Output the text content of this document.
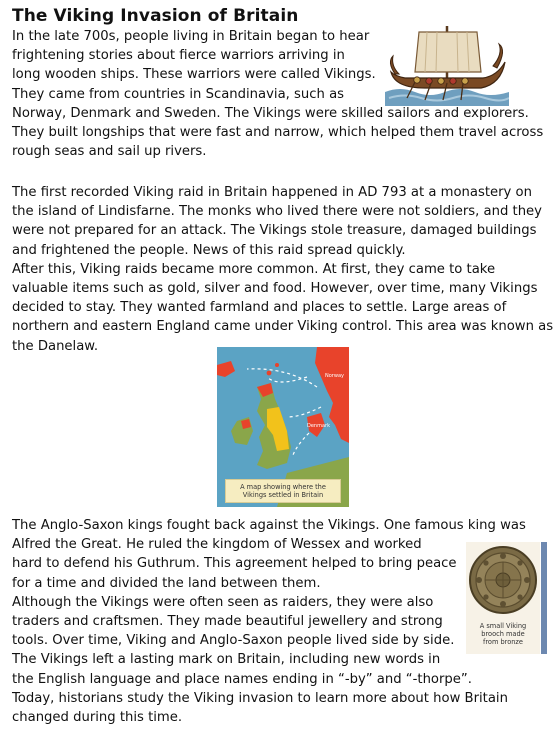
The Viking Invasion of Britain
In the late 700s, people living in Britain began to hear
frightening stories about fierce warriors arriving in
long wooden ships. These warriors were called Vikings.
They came from countries in Scandinavia, such as
Norway, Denmark and Sweden. The Vikings were skilled sailors and explorers.
They built longships that were fast and narrow, which helped them travel across
rough seas and sail up rivers.
The first recorded Viking raid in Britain happened in AD 793 at a monastery on
the island of Lindisfarne. The monks who lived there were not soldiers, and they
were not prepared for an attack. The Vikings stole treasure, damaged buildings
and frightened the people. News of this raid spread quickly.
After this, Viking raids became more common. At first, they came to take
valuable items such as gold, silver and food. However, over time, many Vikings
decided to stay. They wanted farmland and places to settle. Large areas of
northern and eastern England came under Viking control. This area was known as
the Danelaw.
Norway
Denmark
A map showing where the
Vikings settled in Britain
The Anglo-Saxon kings fought back against the Vikings. One famous king was
Alfred the Great. He ruled the kingdom of Wessex and worked
hard to defend his Guthrum. This agreement helped to bring peace
for a time and divided the land between them.
Although the Vikings were often seen as raiders, they were also
traders and craftsmen. They made beautiful jewellery and strong
tools. Over time, Viking and Anglo-Saxon people lived side by side.
The Vikings left a lasting mark on Britain, including new words in
the English language and place names ending in “-by” and “-thorpe”.
Today, historians study the Viking invasion to learn more about how Britain
changed during this time.
A small Viking
brooch made
from bronze
